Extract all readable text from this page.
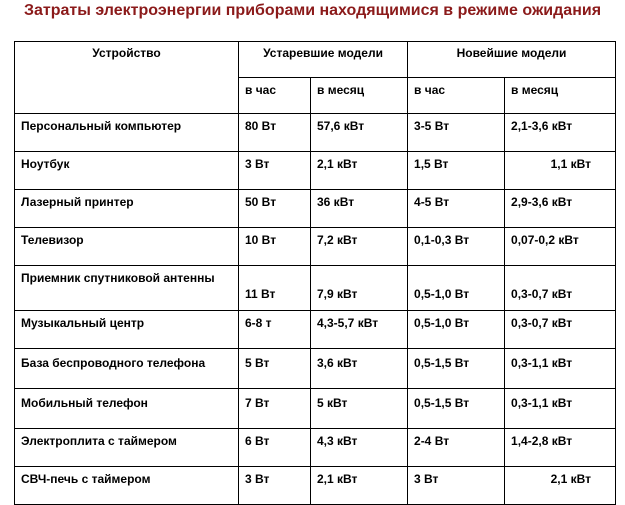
Затраты электроэнергии приборами находящимися в режиме ожидания
Устройство	Устаревшие модели		Новейшие модели	
	в час	в месяц	в час	в месяц
Персональный компьютер	80 Вт	57,6 кВт	3-5 Вт	2,1-3,6 кВт
Ноутбук	3 Вт	2,1 кВт	1,5 Вт	1,1 кВт
Лазерный принтер	50 Вт	36 кВт	4-5 Вт	2,9-3,6 кВт
Телевизор	10 Вт	7,2 кВт	0,1-0,3 Вт	0,07-0,2 кВт
Приемник спутниковой антенны	11 Вт	7,9 кВт	0,5-1,0 Вт	0,3-0,7 кВт
Музыкальный центр	6-8 т	4,3-5,7 кВт	0,5-1,0 Вт	0,3-0,7 кВт
База беспроводного телефона	5 Вт	3,6 кВт	0,5-1,5 Вт	0,3-1,1 кВт
Мобильный телефон	7 Вт	5 кВт	0,5-1,5 Вт	0,3-1,1 кВт
Электроплита с таймером	6 Вт	4,3 кВт	2-4 Вт	1,4-2,8 кВт
СВЧ-печь с таймером	3 Вт	2,1 кВт	3 Вт	2,1 кВт
